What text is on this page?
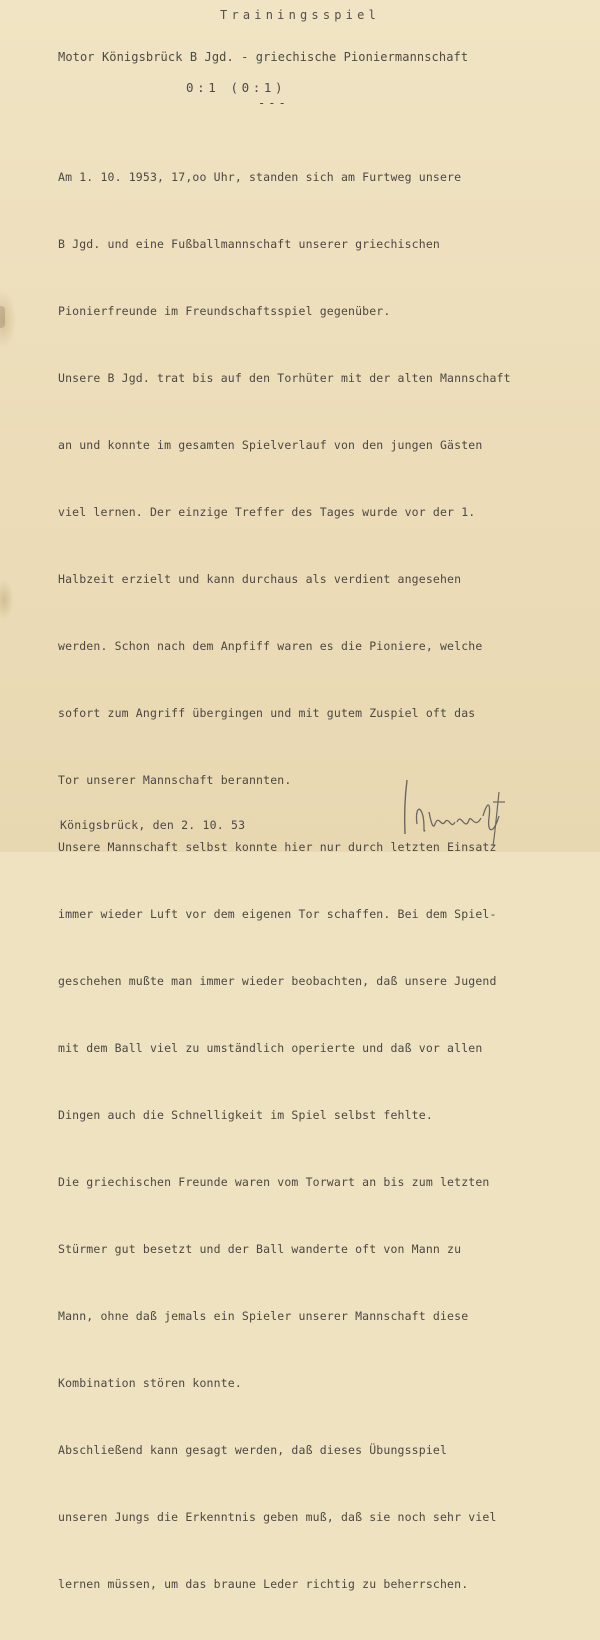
Trainingsspiel
Motor Königsbrück B Jgd. - griechische Pioniermannschaft
0:1 (0:1)
---

Am 1. 10. 1953, 17,oo Uhr, standen sich am Furtweg unsere

B Jgd. und eine Fußballmannschaft unserer griechischen

Pionierfreunde im Freundschaftsspiel gegenüber.

Unsere B Jgd. trat bis auf den Torhüter mit der alten Mannschaft

an und konnte im gesamten Spielverlauf von den jungen Gästen

viel lernen. Der einzige Treffer des Tages wurde vor der 1.

Halbzeit erzielt und kann durchaus als verdient angesehen

werden. Schon nach dem Anpfiff waren es die Pioniere, welche

sofort zum Angriff übergingen und mit gutem Zuspiel oft das

Tor unserer Mannschaft berannten.

Unsere Mannschaft selbst konnte hier nur durch letzten Einsatz

immer wieder Luft vor dem eigenen Tor schaffen. Bei dem Spiel-

geschehen mußte man immer wieder beobachten, daß unsere Jugend

mit dem Ball viel zu umständlich operierte und daß vor allen

Dingen auch die Schnelligkeit im Spiel selbst fehlte.

Die griechischen Freunde waren vom Torwart an bis zum letzten

Stürmer gut besetzt und der Ball wanderte oft von Mann zu

Mann, ohne daß jemals ein Spieler unserer Mannschaft diese

Kombination stören konnte.

Abschließend kann gesagt werden, daß dieses Übungsspiel

unseren Jungs die Erkenntnis geben muß, daß sie noch sehr viel

lernen müssen, um das braune Leder richtig zu beherrschen.

Königsbrück, den 2. 10. 53
